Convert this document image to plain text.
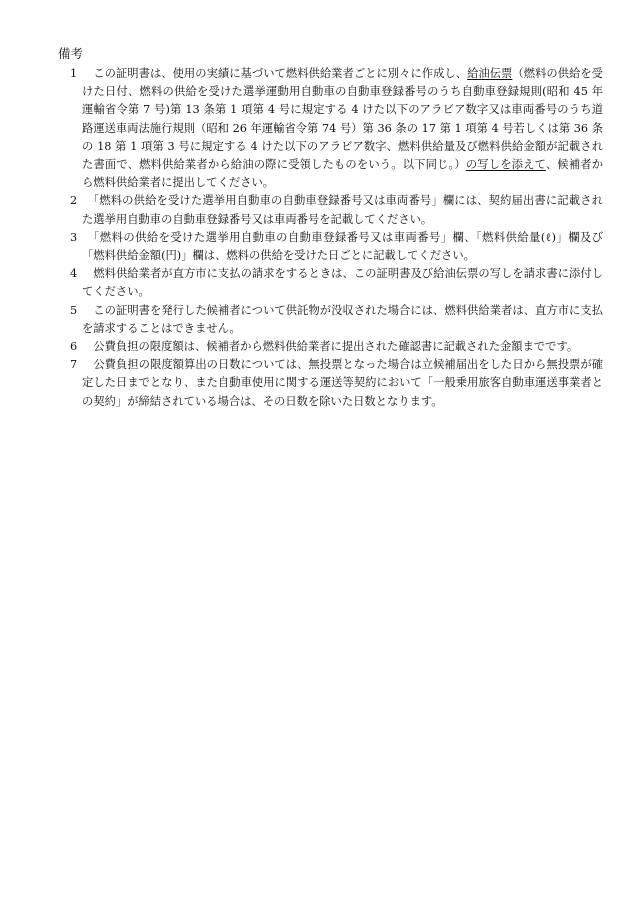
備考
1 　この証明書は、使用の実績に基づいて燃料供給業者ごとに別々に作成し、給油伝票（燃料の供給を受けた日付、燃料の供給を受けた選挙運動用自動車の自動車登録番号のうち自動車登録規則(昭和 45 年運輸省令第 7 号)第 13 条第 1 項第 4 号に規定する 4 けた以下のアラビア数字又は車両番号のうち道路運送車両法施行規則（昭和 26 年運輸省令第 74 号）第 36 条の 17 第 1 項第 4 号若しくは第 36 条の 18 第 1 項第 3 号に規定する 4 けた以下のアラビア数字、燃料供給量及び燃料供給金額が記載された書面で、燃料供給業者から給油の際に受領したものをいう。以下同じ。）の写しを添えて、候補者から燃料供給業者に提出してください。
2 　「燃料の供給を受けた選挙用自動車の自動車登録番号又は車両番号」欄には、契約届出書に記載された選挙用自動車の自動車登録番号又は車両番号を記載してください。
3 　「燃料の供給を受けた選挙用自動車の自動車登録番号又は車両番号」欄、「燃料供給量(ℓ)」欄及び「燃料供給金額(円)」欄は、燃料の供給を受けた日ごとに記載してください。
4 　燃料供給業者が直方市に支払の請求をするときは、この証明書及び給油伝票の写しを請求書に添付してください。
5 　この証明書を発行した候補者について供託物が没収された場合には、燃料供給業者は、直方市に支払を請求することはできません。
6 　公費負担の限度額は、候補者から燃料供給業者に提出された確認書に記載された金額までです。
7 　公費負担の限度額算出の日数については、無投票となった場合は立候補届出をした日から無投票が確定した日までとなり、また自動車使用に関する運送等契約において「一般乗用旅客自動車運送事業者との契約」が締結されている場合は、その日数を除いた日数となります。
